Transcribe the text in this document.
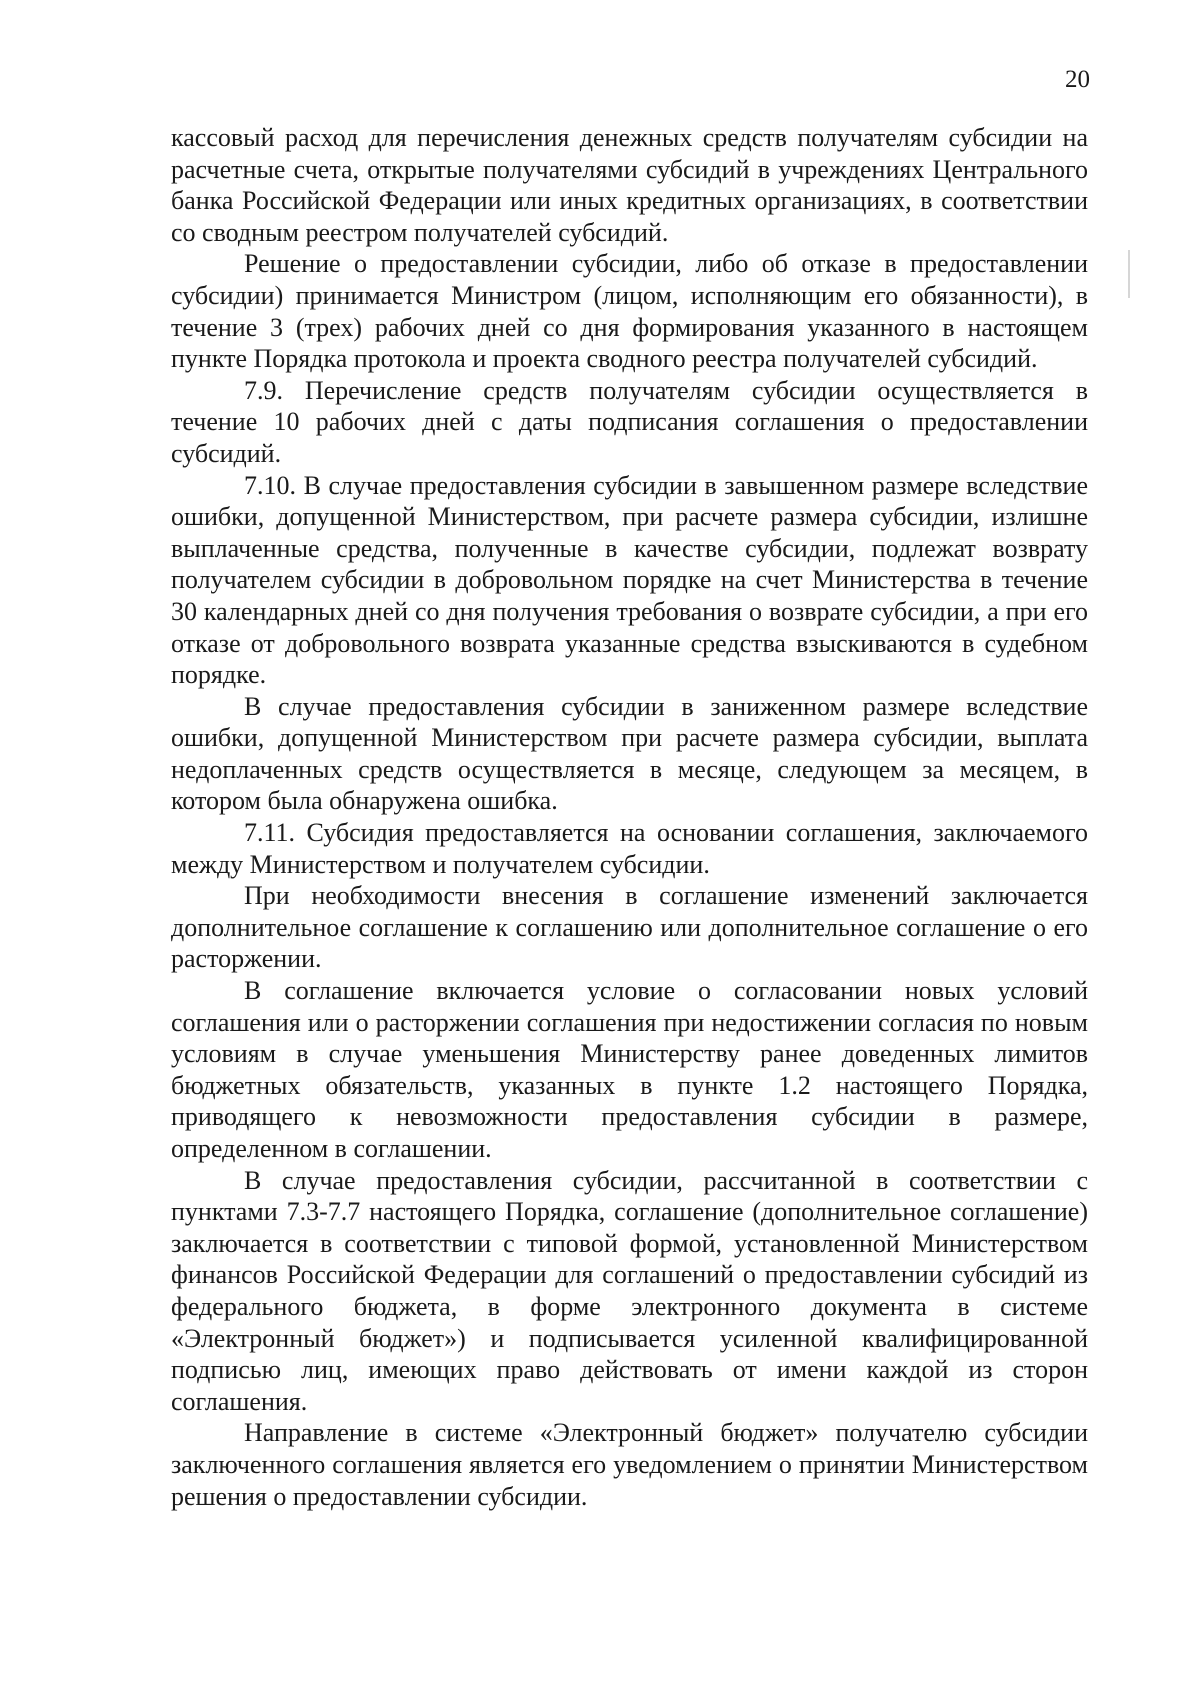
20

кассовый расход для перечисления денежных средств получателям субсидии на расчетные счета, открытые получателями субсидий в учреждениях Центрального банка Российской Федерации или иных кредитных организациях, в соответствии со сводным реестром получателей субсидий.

Решение о предоставлении субсидии, либо об отказе в предоставлении субсидии) принимается Министром (лицом, исполняющим его обязанности), в течение 3 (трех) рабочих дней со дня формирования указанного в настоящем пункте Порядка протокола и проекта сводного реестра получателей субсидий.

7.9. Перечисление средств получателям субсидии осуществляется в течение 10 рабочих дней с даты подписания соглашения о предоставлении субсидий.

7.10. В случае предоставления субсидии в завышенном размере вследствие ошибки, допущенной Министерством, при расчете размера субсидии, излишне выплаченные средства, полученные в качестве субсидии, подлежат возврату получателем субсидии в добровольном порядке на счет Министерства в течение 30 календарных дней со дня получения требования о возврате субсидии, а при его отказе от добровольного возврата указанные средства взыскиваются в судебном порядке.

В случае предоставления субсидии в заниженном размере вследствие ошибки, допущенной Министерством при расчете размера субсидии, выплата недоплаченных средств осуществляется в месяце, следующем за месяцем, в котором была обнаружена ошибка.

7.11. Субсидия предоставляется на основании соглашения, заключаемого между Министерством и получателем субсидии.

При необходимости внесения в соглашение изменений заключается дополнительное соглашение к соглашению или дополнительное соглашение о его расторжении.

В соглашение включается условие о согласовании новых условий соглашения или о расторжении соглашения при недостижении согласия по новым условиям в случае уменьшения Министерству ранее доведенных лимитов бюджетных обязательств, указанных в пункте 1.2 настоящего Порядка, приводящего к невозможности предоставления субсидии в размере, определенном в соглашении.

В случае предоставления субсидии, рассчитанной в соответствии с пунктами 7.3-7.7 настоящего Порядка, соглашение (дополнительное соглашение) заключается в соответствии с типовой формой, установленной Министерством финансов Российской Федерации для соглашений о предоставлении субсидий из федерального бюджета, в форме электронного документа в системе «Электронный бюджет») и подписывается усиленной квалифицированной подписью лиц, имеющих право действовать от имени каждой из сторон соглашения.

Направление в системе «Электронный бюджет» получателю субсидии заключенного соглашения является его уведомлением о принятии Министерством решения о предоставлении субсидии.
